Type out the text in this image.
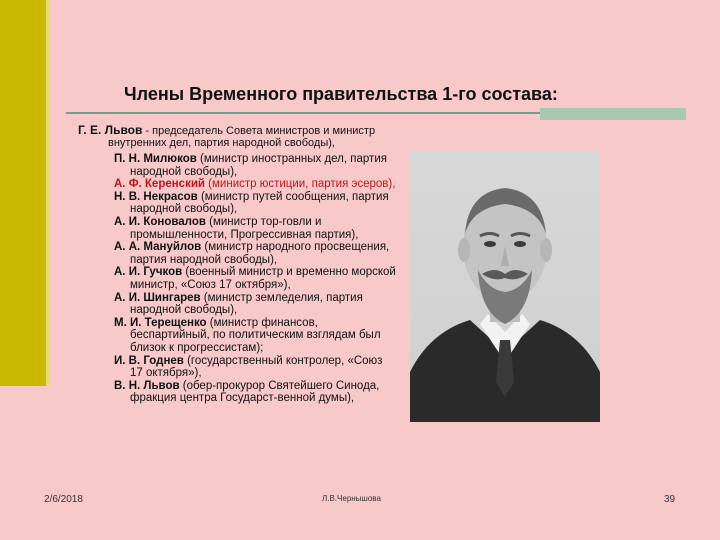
Члены Временного правительства 1-го состава:

Г. Е. Львов - председатель Совета министров и министр внутренних дел, партия народной свободы),

П. Н. Милюков (министр иностранных дел, партия народной свободы),

А. Ф. Керенский (министр юстиции, партия эсеров),

Н. В. Некрасов (министр путей сообщения, партия народной свободы),

А. И. Коновалов (министр тор-говли и промышленности, Прогрессивная партия),

А. А. Мануйлов (министр народного просвещения, партия народной свободы),

А. И. Гучков (военный министр и временно морской министр, «Союз 17 октября»),

А. И. Шингарев (министр земледелия, партия народной свободы),

М. И. Терещенко (министр финансов, беспартийный, по политическим взглядам был близок к прогрессистам);

И. В. Годнев (государственный контролер, «Союз 17 октября»),

В. Н. Львов (обер-прокурор Святейшего Синода, фракция центра Государст-венной думы),

2/6/2018	Л.В.Чернышова	39
